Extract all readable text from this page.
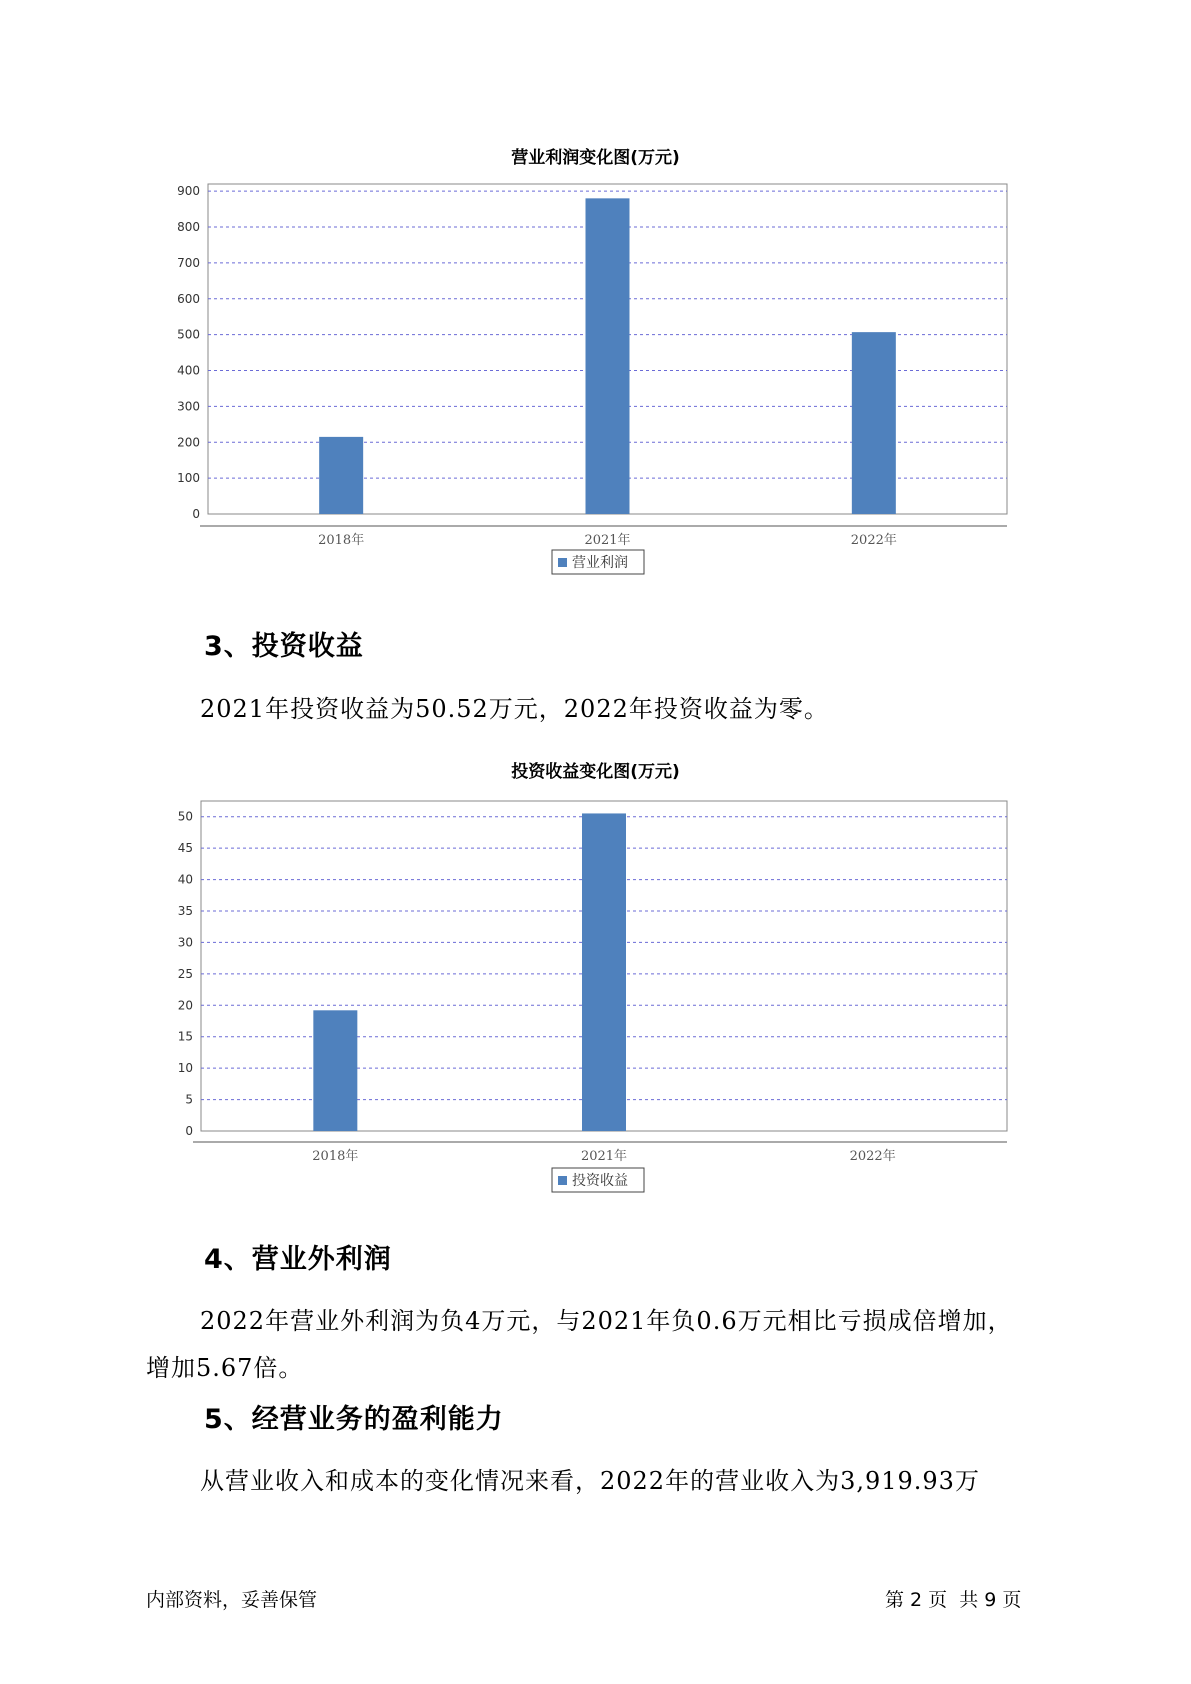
营业利润变化图(万元)
0
100
200
300
400
500
600
700
800
900
2018年	2021年	2022年
营业利润
3、投资收益
2021年投资收益为50.52万元，2022年投资收益为零。
投资收益变化图(万元)
0
5
10
15
20
25
30
35
40
45
50
2018年	2021年	2022年
投资收益
4、营业外利润
2022年营业外利润为负4万元，与2021年负0.6万元相比亏损成倍增加，
增加5.67倍。
5、经营业务的盈利能力
从营业收入和成本的变化情况来看，2022年的营业收入为3,919.93万
内部资料，妥善保管	第 2 页  共 9 页
